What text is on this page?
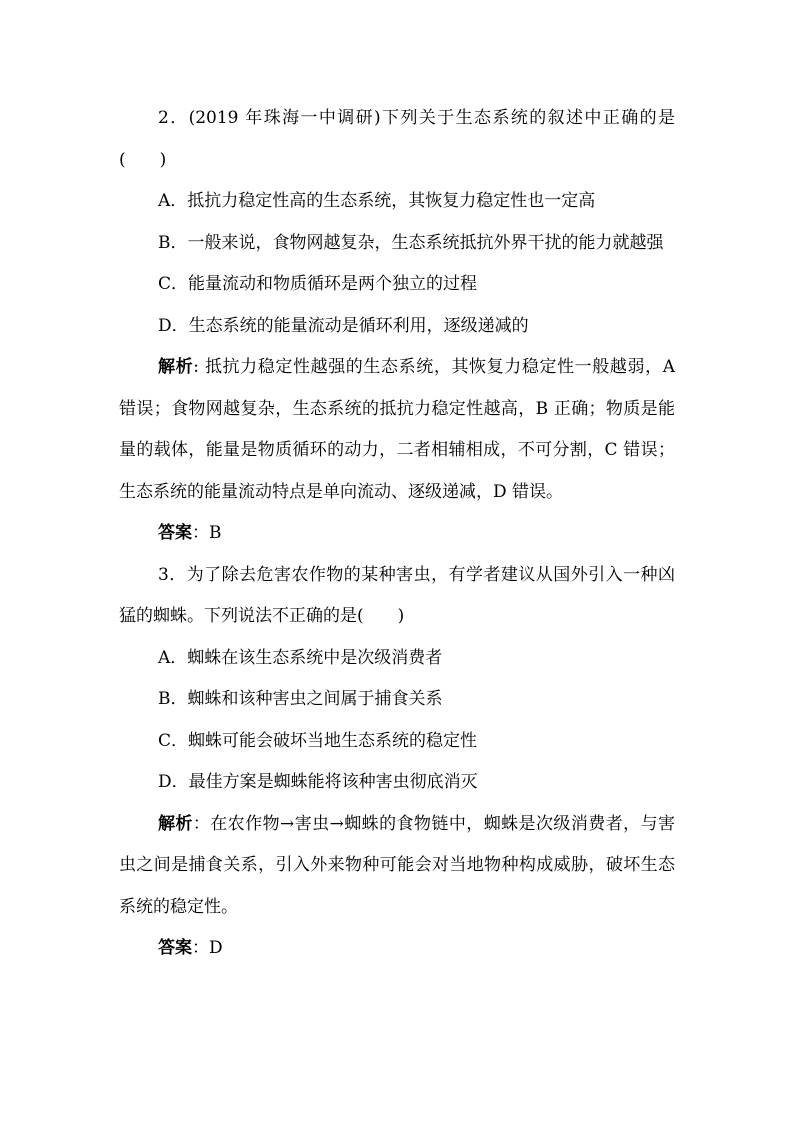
2．(2019 年珠海一中调研)下列关于生态系统的叙述中正确的是(　　)

A．抵抗力稳定性高的生态系统，其恢复力稳定性也一定高

B．一般来说，食物网越复杂，生态系统抵抗外界干扰的能力就越强

C．能量流动和物质循环是两个独立的过程

D．生态系统的能量流动是循环利用，逐级递减的

解析: 抵抗力稳定性越强的生态系统，其恢复力稳定性一般越弱，A 错误；食物网越复杂，生态系统的抵抗力稳定性越高，B 正确；物质是能量的载体，能量是物质循环的动力，二者相辅相成，不可分割，C 错误；生态系统的能量流动特点是单向流动、逐级递减，D 错误。

答案：B

3．为了除去危害农作物的某种害虫，有学者建议从国外引入一种凶猛的蜘蛛。下列说法不正确的是(　　)

A．蜘蛛在该生态系统中是次级消费者

B．蜘蛛和该种害虫之间属于捕食关系

C．蜘蛛可能会破坏当地生态系统的稳定性

D．最佳方案是蜘蛛能将该种害虫彻底消灭

解析：在农作物→害虫→蜘蛛的食物链中，蜘蛛是次级消费者，与害虫之间是捕食关系，引入外来物种可能会对当地物种构成威胁，破坏生态系统的稳定性。

答案：D
